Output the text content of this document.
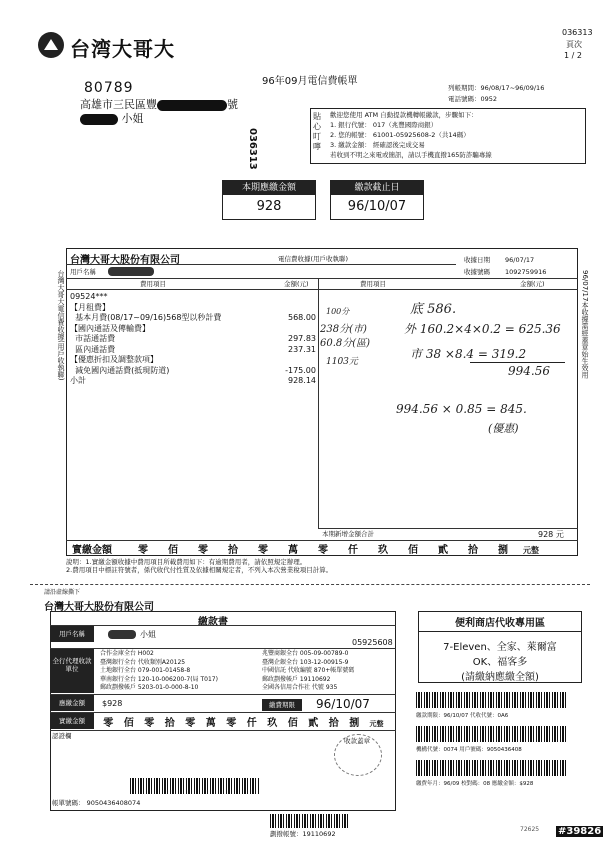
台湾大哥大
036313
頁次
1 / 2
80789
高雄市三民區豐	號
小姐
036313
96年09月電信費帳單
列帳期間：96/08/17~96/09/16
電話號碼：0952
貼心叮嚀
歡迎您使用 ATM 自動提款機轉帳繳款，步驟如下：
1. 銀行代號： 017（兆豐國際商銀）
2. 您的帳號： 61001-05925608-2（共14碼）
3. 繳款金額： 經確認後完成交易
若收到不明之來電或簡訊，請以手機直撥165防詐騙專線
本期應繳金額
928
繳款截止日
96/10/07
台灣大哥大股份有限公司	電信費收據(用戶收執聯)	收據日期 96/07/17
收據號碼 1092759916
用戶名稱
費用項目	金額(元)	費用項目	金額(元)
台灣大哥大電信費收據(用戶收執聯)	96/07/17本收據需經蓋章始生效用
09524***
【月租費】
基本月費(08/17~09/16)568型以秒計費	568.00
【國內通話及傳輸費】
市話通話費	297.83
區內通話費	237.31
【優惠折扣及調整款項】
減免國內通話費(抵現防道)	-175.00
小計	928.14
100分
238分(市)
60.8分(區)
1103元
底 586.
外 160.2×4×0.2 = 625.36
市 38 ×8.4 = 319.2
994.56
994.56 × 0.85 = 845.
(優惠)
本期新增金額合計	928 元
實繳金額	零 佰 零 拾 零 萬 零 仟 玖 佰 貳 拾 捌 元整
說明：1.實繳金額收據中費用項目所載費用如下：有逾期費用者，請依照規定辦理。
2.費用項目中標註符號者，係代收代付性質及依據相關規定者，不列入本次營業稅項目計算。
請沿虛線撕下
台灣大哥大股份有限公司
繳款書
用戶名稱	小姐
05925608
全行代理收款單位
合作金庫全台 H002
臺灣銀行全台 代收類別A20125
土地銀行全台 079-001-01458-8
華南銀行全台 120-10-006200-7(局 T017)
郵政劃撥帳戶 5203-01-0-000-8-10
兆豐商銀全台 005-09-00789-0
臺灣企銀全台 103-12-00915-9
中國信託 代收編號 870+帳單號碼
郵政劃撥帳戶 19110692
全國各信用合作社 代號 935
應繳金額	$928	繳費期限	96/10/07
實繳金額	零 佰 零 拾 零 萬 零 仟 玖 佰 貳 拾 捌 元整
認證欄
收款蓋章
帳單號碼： 9050436408074
劃撥帳號：19110692
便利商店代收專用區
7-Eleven、全家、萊爾富
OK、福客多
(請繳納應繳全額)
繳款期限：96/10/07 代收代號：0A6
機構代號：0074 用戶號碼：9050436408
繳費年月：96/09 校對碼：08 應繳金額：$928
72625 #39826
